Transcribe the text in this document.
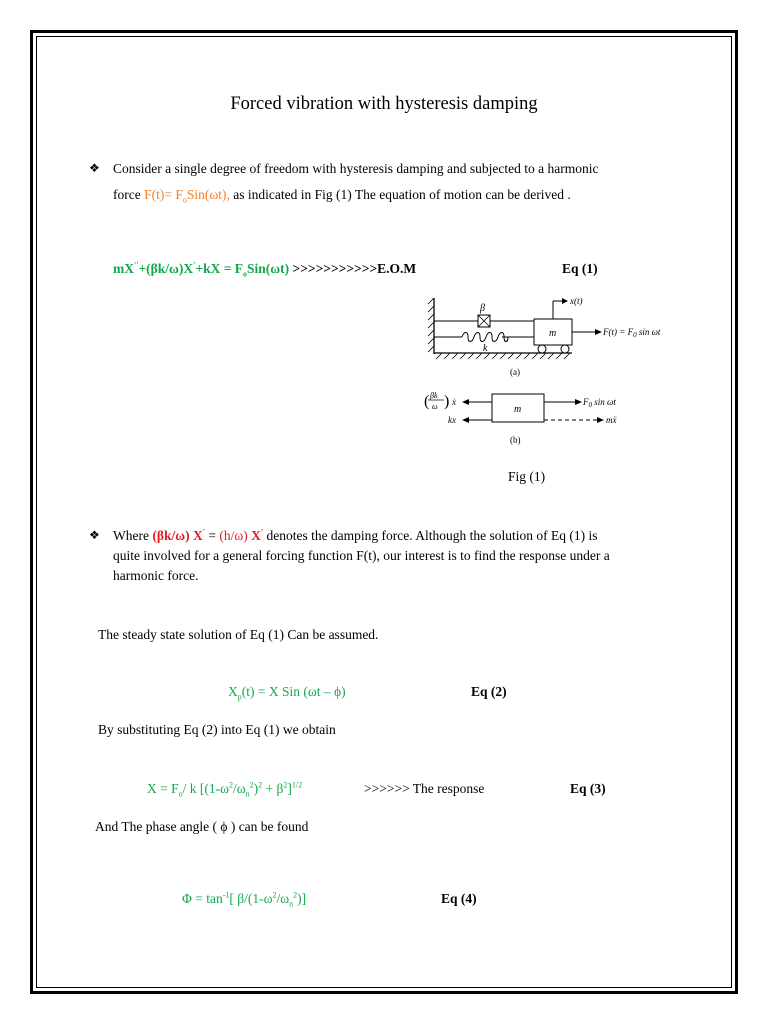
Forced vibration with hysteresis damping
❖ Consider a single degree of freedom with hysteresis damping and subjected to a harmonic
force $F(t)= F_oSin(\omega t)$, as indicated in Fig (1) The equation of motion can be derived .
$mX''+(\beta k/\omega)X'+kX = F_oSin(\omega t) >>>>>>>>>>>E.O.M$	Eq (1)
β
k
m
x(t)
$F(t) = F_0$ sin ωt
(a)
m
βk
ω
( ) ẋ
kx
$F_0$ sin ωt
mẍ
(b)
Fig (1)
❖ Where (βk/ω) X' = (h/ω) X' denotes the damping force. Although the solution of Eq (1) is
quite involved for a general forcing function F(t), our interest is to find the response under a
harmonic force.
The steady state solution of Eq (1) Can be assumed.
$X_p(t) = X$ Sin (ωt – ϕ)	Eq (2)
By substituting Eq (2) into Eq (1) we obtain
$X = F_o/$ k $[(1-\omega^2/\omega_n^2)^2 + \beta^2]^{1/2}$	>>>>>> The response	Eq (3)
And The phase angle ( ϕ ) can be found
$\Phi = \tan^{-1}$[ $\beta/(1-\omega^2/\omega_n^2)$]	Eq (4)
